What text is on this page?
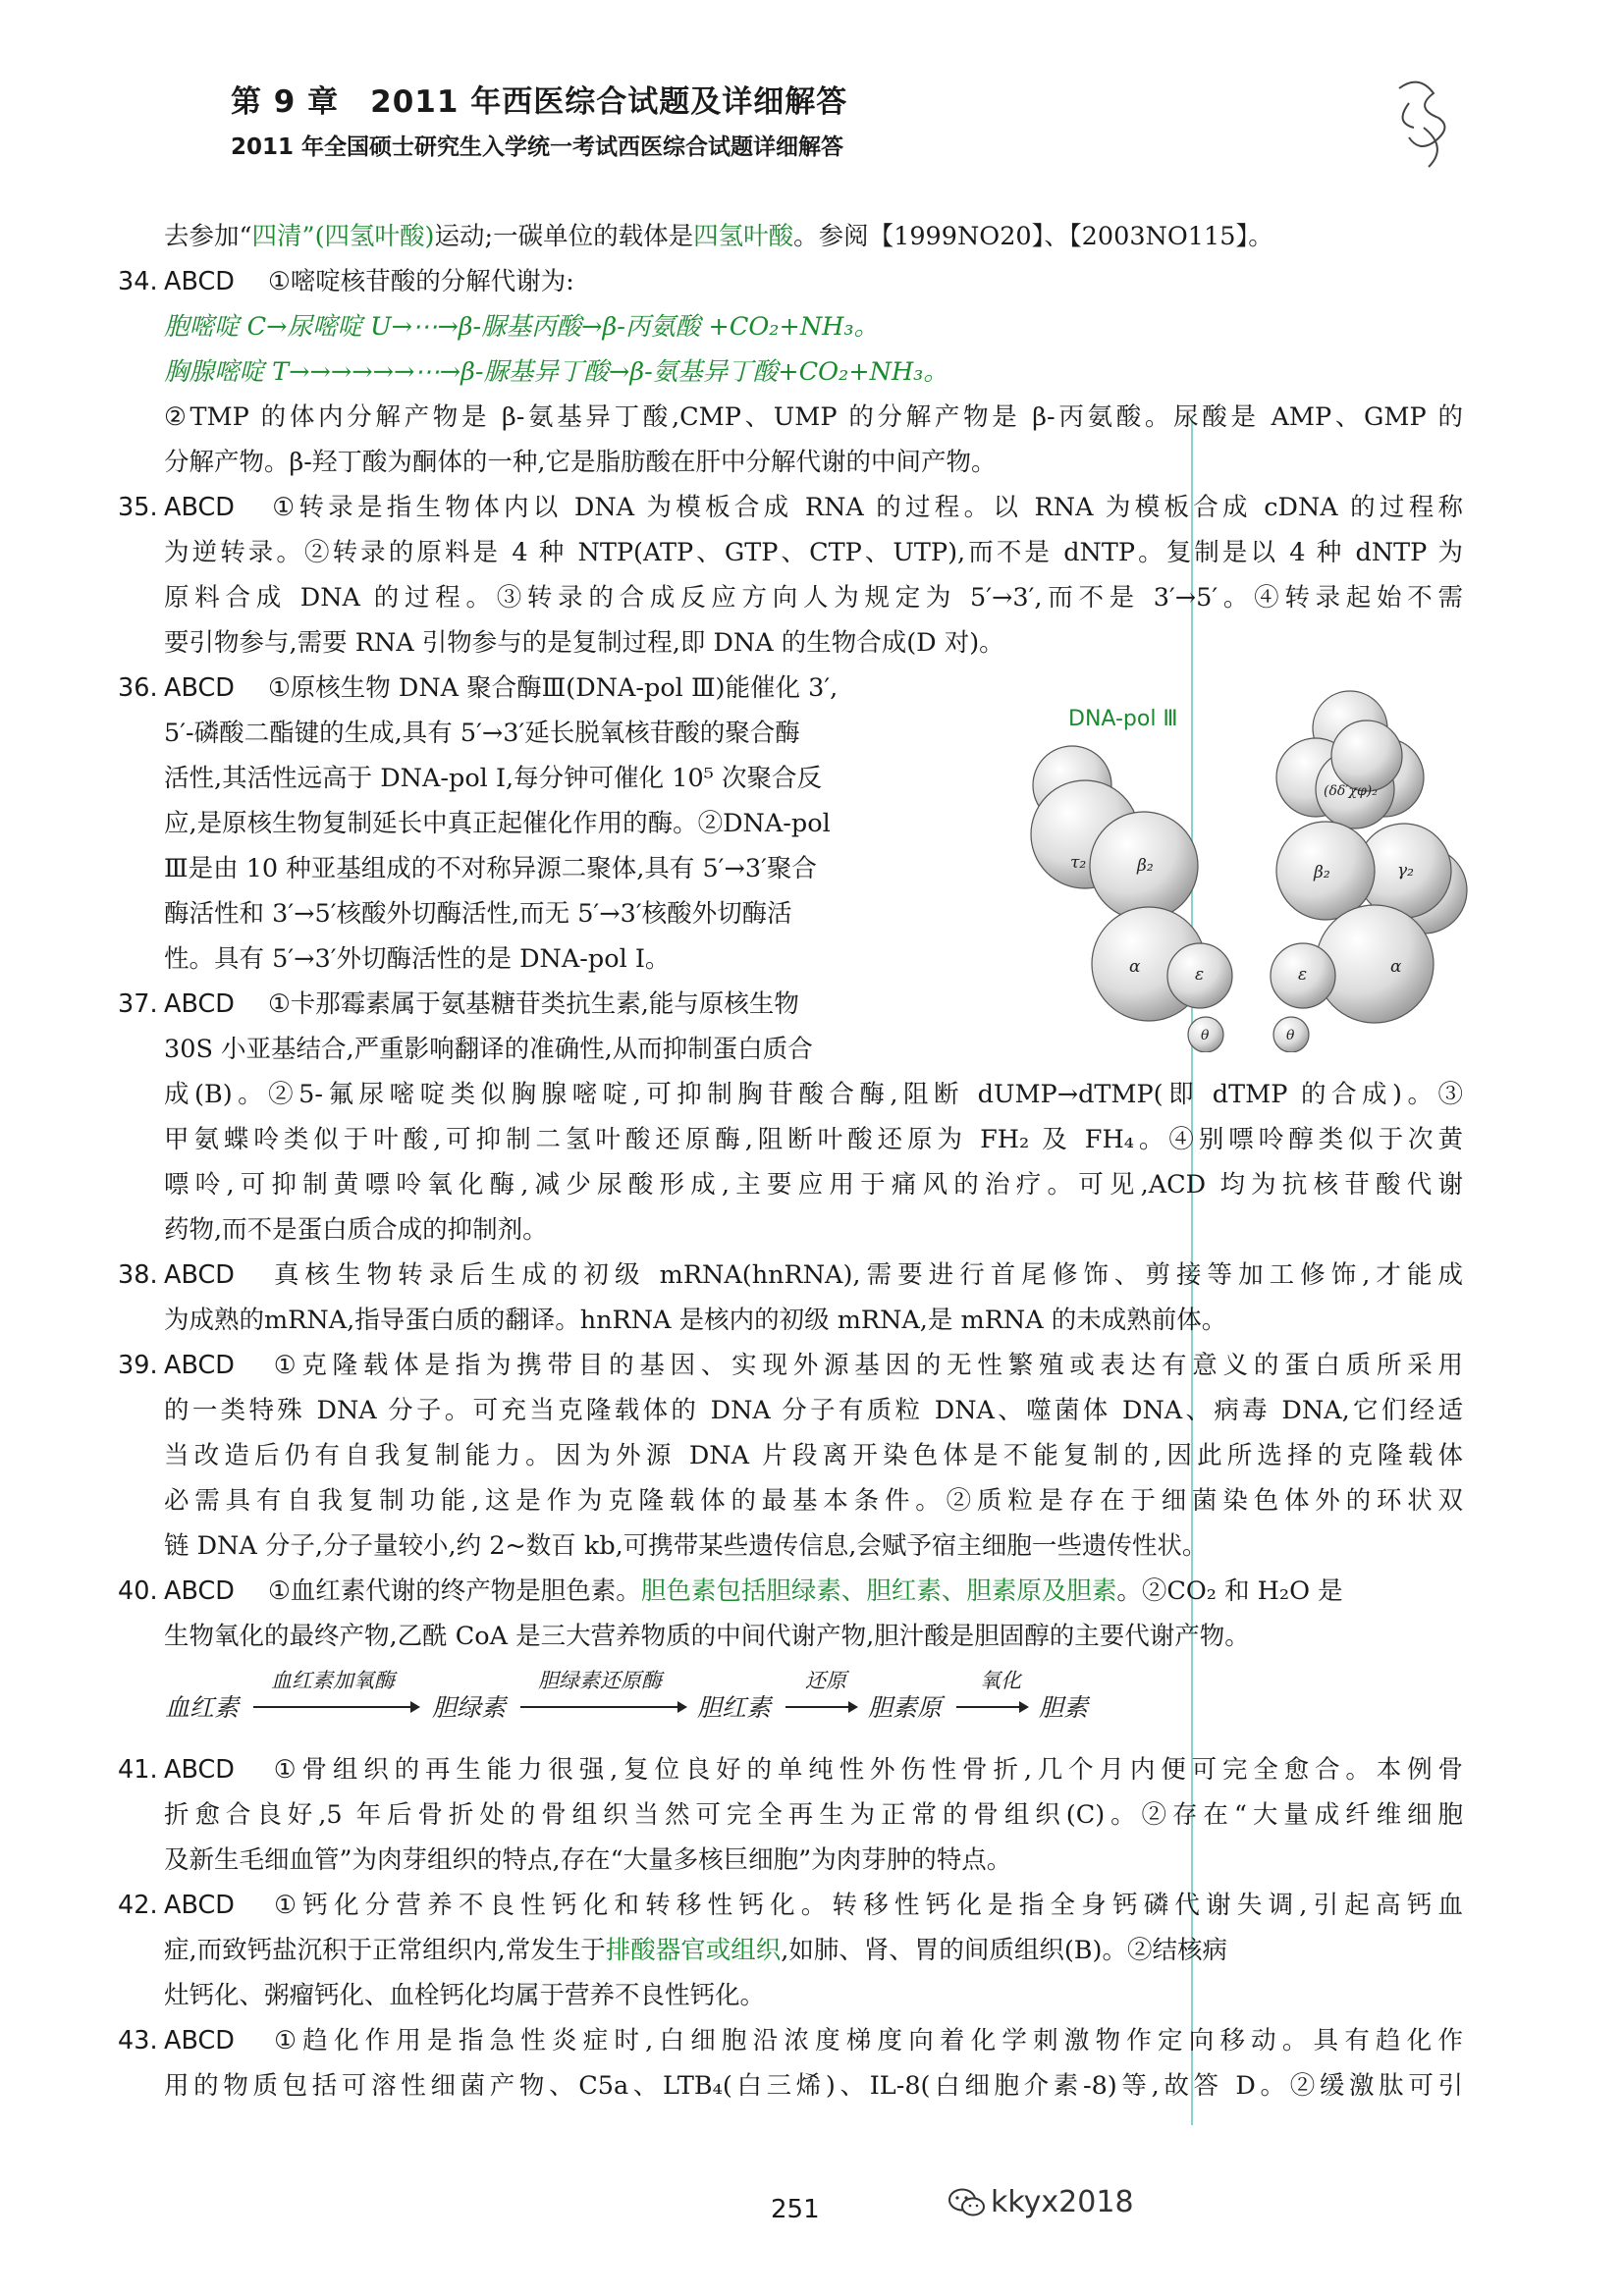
第 9 章　2011 年西医综合试题及详细解答
2011 年全国硕士研究生入学统一考试西医综合试题详细解答
去参加“四清”(四氢叶酸)运动;一碳单位的载体是四氢叶酸。参阅【1999NO20】、【2003NO115】。
34. ABCD ①嘧啶核苷酸的分解代谢为:
胞嘧啶 C→尿嘧啶 U→⋯→β-脲基丙酸→β-丙氨酸 +CO₂+NH₃。
胸腺嘧啶 T→→→→→→⋯→β-脲基异丁酸→β-氨基异丁酸+CO₂+NH₃。
②TMP 的体内分解产物是 β-氨基异丁酸,CMP、UMP 的分解产物是 β-丙氨酸。尿酸是 AMP、GMP 的
分解产物。β-羟丁酸为酮体的一种,它是脂肪酸在肝中分解代谢的中间产物。
35. ABCD ①转录是指生物体内以 DNA 为模板合成 RNA 的过程。以 RNA 为模板合成 cDNA 的过程称
为逆转录。②转录的原料是 4 种 NTP(ATP、GTP、CTP、UTP),而不是 dNTP。复制是以 4 种 dNTP 为
原料合成 DNA 的过程。③转录的合成反应方向人为规定为 5′→3′,而不是 3′→5′。④转录起始不需
要引物参与,需要 RNA 引物参与的是复制过程,即 DNA 的生物合成(D 对)。
36. ABCD ①原核生物 DNA 聚合酶Ⅲ(DNA-pol Ⅲ)能催化 3′,
5′-磷酸二酯键的生成,具有 5′→3′延长脱氧核苷酸的聚合酶
活性,其活性远高于 DNA-pol Ⅰ,每分钟可催化 10⁵ 次聚合反
应,是原核生物复制延长中真正起催化作用的酶。②DNA-pol
Ⅲ是由 10 种亚基组成的不对称异源二聚体,具有 5′→3′聚合
酶活性和 3′→5′核酸外切酶活性,而无 5′→3′核酸外切酶活
性。具有 5′→3′外切酶活性的是 DNA-pol Ⅰ。
37. ABCD ①卡那霉素属于氨基糖苷类抗生素,能与原核生物
30S 小亚基结合,严重影响翻译的准确性,从而抑制蛋白质合
成(B)。②5-氟尿嘧啶类似胸腺嘧啶,可抑制胸苷酸合酶,阻断 dUMP→dTMP(即 dTMP 的合成)。③
甲氨蝶呤类似于叶酸,可抑制二氢叶酸还原酶,阻断叶酸还原为 FH₂ 及 FH₄。④别嘌呤醇类似于次黄
嘌呤,可抑制黄嘌呤氧化酶,减少尿酸形成,主要应用于痛风的治疗。可见,ACD 均为抗核苷酸代谢
药物,而不是蛋白质合成的抑制剂。
38. ABCD 真核生物转录后生成的初级 mRNA(hnRNA),需要进行首尾修饰、剪接等加工修饰,才能成
为成熟的mRNA,指导蛋白质的翻译。hnRNA 是核内的初级 mRNA,是 mRNA 的未成熟前体。
39. ABCD ①克隆载体是指为携带目的基因、实现外源基因的无性繁殖或表达有意义的蛋白质所采用
的一类特殊 DNA 分子。可充当克隆载体的 DNA 分子有质粒 DNA、噬菌体 DNA、病毒 DNA,它们经适
当改造后仍有自我复制能力。因为外源 DNA 片段离开染色体是不能复制的,因此所选择的克隆载体
必需具有自我复制功能,这是作为克隆载体的最基本条件。②质粒是存在于细菌染色体外的环状双
链 DNA 分子,分子量较小,约 2~数百 kb,可携带某些遗传信息,会赋予宿主细胞一些遗传性状。
40. ABCD ①血红素代谢的终产物是胆色素。胆色素包括胆绿素、胆红素、胆素原及胆素。②CO₂ 和 H₂O 是
生物氧化的最终产物,乙酰 CoA 是三大营养物质的中间代谢产物,胆汁酸是胆固醇的主要代谢产物。
41. ABCD ①骨组织的再生能力很强,复位良好的单纯性外伤性骨折,几个月内便可完全愈合。本例骨
折愈合良好,5 年后骨折处的骨组织当然可完全再生为正常的骨组织(C)。②存在“大量成纤维细胞
及新生毛细血管”为肉芽组织的特点,存在“大量多核巨细胞”为肉芽肿的特点。
42. ABCD ①钙化分营养不良性钙化和转移性钙化。转移性钙化是指全身钙磷代谢失调,引起高钙血
症,而致钙盐沉积于正常组织内,常发生于排酸器官或组织,如肺、肾、胃的间质组织(B)。②结核病
灶钙化、粥瘤钙化、血栓钙化均属于营养不良性钙化。
43. ABCD ①趋化作用是指急性炎症时,白细胞沿浓度梯度向着化学刺激物作定向移动。具有趋化作
用的物质包括可溶性细菌产物、C5a、LTB₄(白三烯)、IL-8(白细胞介素-8)等,故答 D。②缓激肽可引
DNA-pol Ⅲ
τ₂	β₂	β₂	γ₂
(δδ′χφ)₂
α	α
ε	ε
θ	θ
血红素
血红素加氧酶
胆绿素
胆绿素还原酶
胆红素
还原
胆素原
氧化
胆素
251	kkyx2018
